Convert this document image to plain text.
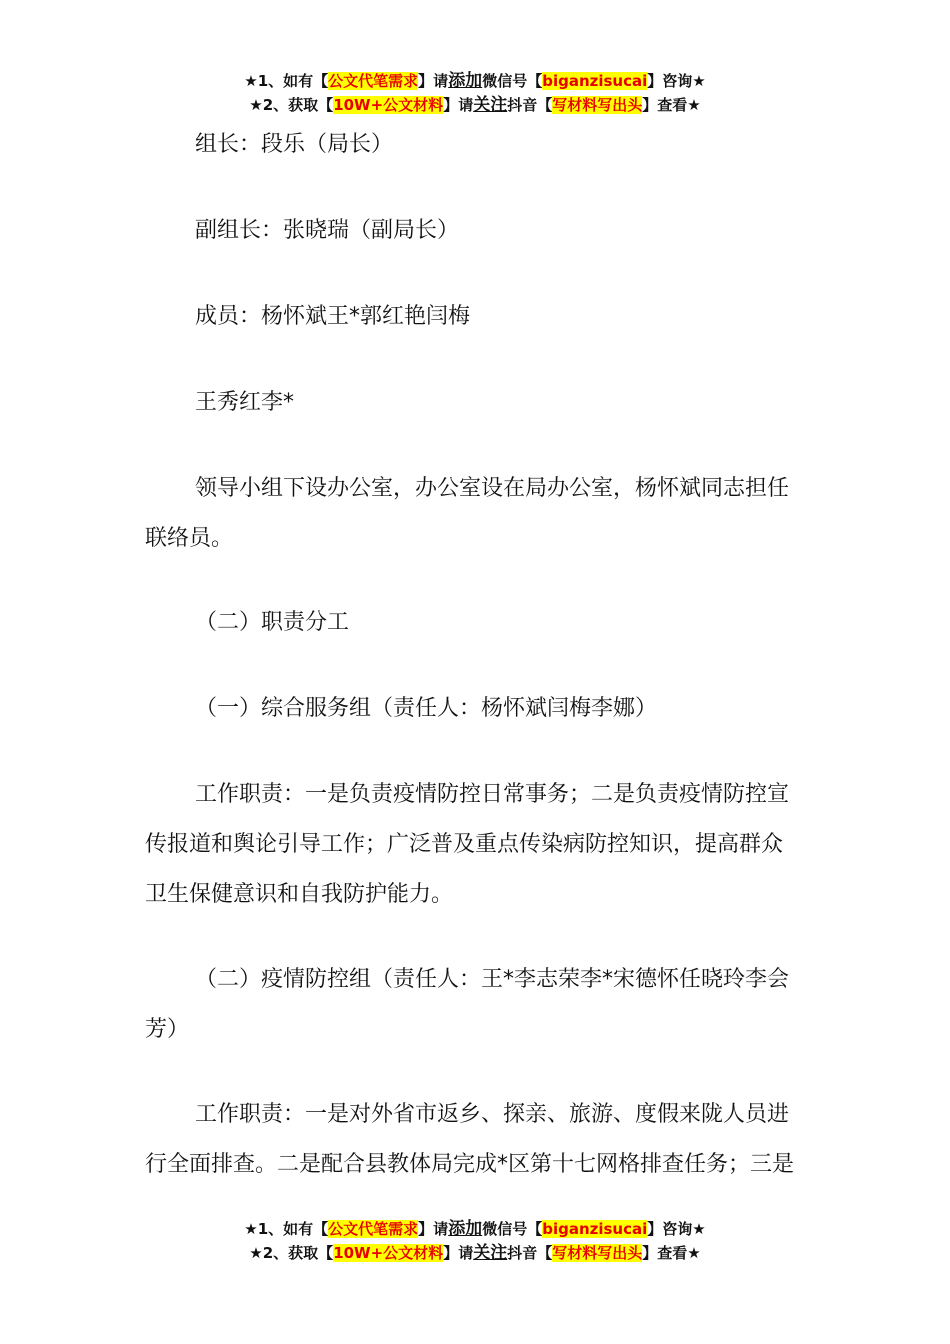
★1、如有【公文代笔需求】请添加微信号【biganzisucai】咨询★
★2、获取【10W+公文材料】请关注抖音【写材料写出头】查看★
组长：段乐（局长）
副组长：张晓瑞（副局长）
成员：杨怀斌王*郭红艳闫梅
王秀红李*
领导小组下设办公室，办公室设在局办公室，杨怀斌同志担任
联络员。
（二）职责分工
（一）综合服务组（责任人：杨怀斌闫梅李娜）
工作职责：一是负责疫情防控日常事务；二是负责疫情防控宣
传报道和舆论引导工作；广泛普及重点传染病防控知识，提高群众
卫生保健意识和自我防护能力。
（二）疫情防控组（责任人：王*李志荣李*宋德怀任晓玲李会
芳）
工作职责：一是对外省市返乡、探亲、旅游、度假来陇人员进
行全面排查。二是配合县教体局完成*区第十七网格排查任务；三是
★1、如有【公文代笔需求】请添加微信号【biganzisucai】咨询★
★2、获取【10W+公文材料】请关注抖音【写材料写出头】查看★
